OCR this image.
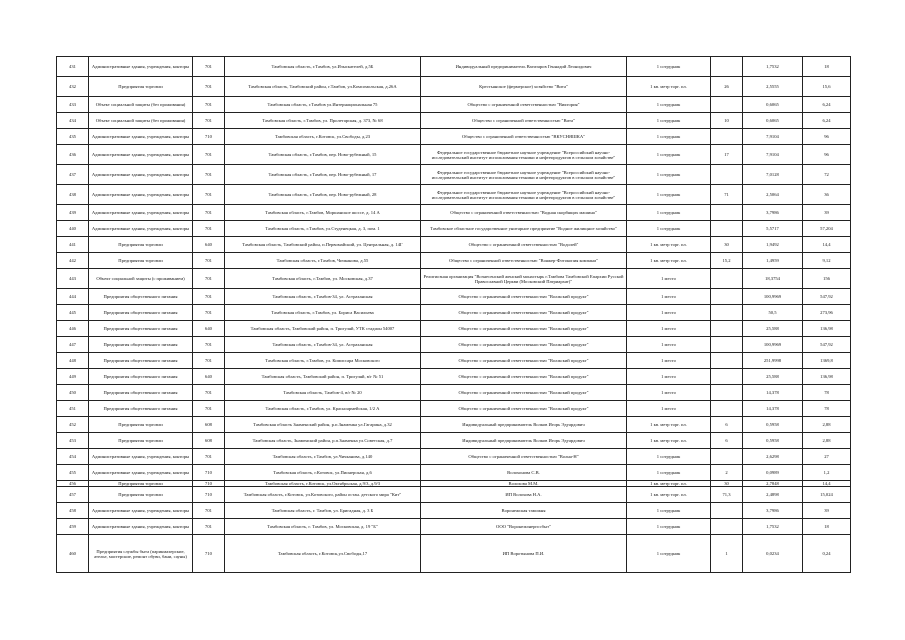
431	Административные здания, учреждения, конторы	701	Тамбовская область, г.Тамбов, ул.Изыскателей, д.5Б	Индивидуальный предприниматель Вагизаров Геннадий Леонидович	1 сотрудник		1,7532	18
432	Предприятия торговли	701	Тамбовская область, Тамбовский район, г.Тамбов, ул.Комсомольская, д.26А	Крестьянское (фермерское) хозяйство "Вита"	1 кв. метр торг. пл.	26	2,5555	15,6
433	Объект социальной защиты (без проживания)	701	Тамбовская область, г.Тамбов ул.Интернациональная 75	Общество с ограниченной ответственностью "Виктория"	1 сотрудник		0,6065	6,24
434	Объект социальной защиты (без проживания)	701	Тамбовская область, г.Тамбов, ул. Пролетарская, д. 373, № 68	Общество с ограниченной ответственностью "Вита"	1 сотрудник	10	0,6065	6,24
435	Административные здания, учреждения, конторы	710	Тамбовская область, г.Котовск, ул.Свободы, д.23	Общество с ограниченной ответственностью "ВКУСНЯШКА"	1 сотрудник		7,9104	96
436	Административные здания, учреждения, конторы	701	Тамбовская область, г.Тамбов, пер. Ново-рубежный, 15	Федеральное государственное бюджетное научное учреждение "Всероссийский научно-исследовательский институт использования техники и нефтепродуктов в сельском хозяйстве"	1 сотрудник	17	7,9104	96
437	Административные здания, учреждения, конторы	701	Тамбовская область, г.Тамбов, пер. Ново-рубежный, 17	Федеральное государственное бюджетное научное учреждение "Всероссийский научно-исследовательский институт использования техники и нефтепродуктов в сельском хозяйстве"	1 сотрудник		7,0128	72
438	Административные здания, учреждения, конторы	701	Тамбовская область, г.Тамбов, пер. Ново-рубежный, 28	Федеральное государственное бюджетное научное учреждение "Всероссийский научно-исследовательский институт использования техники и нефтепродуктов в сельском хозяйстве"	1 сотрудник	71	2,5064	36
439	Административные здания, учреждения, конторы	701	Тамбовская область, г.Тамбов, Моршанское шоссе, д. 14 А	Общество с ограниченной ответственностью "Водная скорбящих машина"	1 сотрудник		3,7986	39
440	Административные здания, учреждения, конторы	701	Тамбовская область, г.Тамбов, ул.Студенецкая, д. 3, пом. 1	Тамбовское областное государственное унитарное предприятие "Водное жилищное хозяйство"	1 сотрудник		5,5717	57,204
441	Предприятия торговли	640	Тамбовская область, Тамбовский район, п.Первомайский, ул. Центральная, д. 14Г	Общество с ограниченной ответственностью "Водолей"	1 кв. метр торг. пл.	30	1,9492	14,4
442	Предприятия торговли	701	Тамбовская область, г.Тамбов, Чичканова, д.55	Общество с ограниченной ответственностью "Вояжер-Фотокопия компани"	1 кв. метр торг. пл.	15,2	1,4959	9,12
443	Объект социальной защиты (с проживанием)	701	Тамбовская область, г.Тамбов, ул. Московская, д.37	Религиозная организация "Вознесенский женский монастырь г.Тамбова Тамбовской Епархии Русской Православной Церкви (Московский Патриархат)"	1 место		18,3754	156
444	Предприятия общественного питания	701	Тамбовская область, г.Тамбов-34, ул. Астраханская	Общество с ограниченной ответственностью "Волжский продукт"	1 место		100,9969	547,92
445	Предприятия общественного питания	701	Тамбовская область, г.Тамбов, ул. Бориса Васильева	Общество с ограниченной ответственностью "Волжский продукт"	1 место		50,5	273,96
446	Предприятия общественного питания	640	Тамбовская область, Тамбовский район, п. Тригуляй, УТК стадион 54007	Общество с ограниченной ответственностью "Волжский продукт"	1 место		25,588	136,98
447	Предприятия общественного питания	701	Тамбовская область, г.Тамбов-34, ул. Астраханская	Общество с ограниченной ответственностью "Волжский продукт"	1 место		100,9969	547,92
448	Предприятия общественного питания	701	Тамбовская область, г.Тамбов, ул. Комиссара Московского	Общество с ограниченной ответственностью "Волжский продукт"	1 место		251,9998	1369,8
449	Предприятия общественного питания	640	Тамбовская область, Тамбовский район, п. Тригуляй, в/г № 51	Общество с ограниченной ответственностью "Волжский продукт"	1 место		25,588	136,98
450	Предприятия общественного питания	701	Тамбовская область, Тамбов-4, в/г № 20	Общество с ограниченной ответственностью "Волжский продукт"	1 место		14,378	78
451	Предприятия общественного питания	701	Тамбовская область, г.Тамбов, ул. Красноармейская, 1/2 А	Общество с ограниченной ответственностью "Волжский продукт"	1 место		14,378	78
452	Предприятия торговли	608	Тамбовская область Знаменский район, р.п.Знаменка ул.Гагарина, д.32	Индивидуальный предприниматель Волков Игорь Эдуардович	1 кв. метр торг. пл.	6	0,5958	2,88
453	Предприятия торговли	608	Тамбовская область, Знаменский район, р.п.Знаменка ул.Советская, д.7	Индивидуальный предприниматель Волков Игорь Эдуардович	1 кв. метр торг. пл.	6	0,5958	2,88
454	Административные здания, учреждения, конторы	701	Тамбовская область, г.Тамбов, ул.Чичканова, д.140	Общество с ограниченной ответственностью "Волна-Н"	1 сотрудник		2,6298	27
455	Административные здания, учреждения, конторы	710	Тамбовская область, г.Котовск, ул.Пионерская, д.6	Волохонова С.В.	1 сотрудник	2	0,0989	1,2
456	Предприятия торговли	710	Тамбовская область, г.Котовск, ул.Октябрьская, д.9/3, д.9/3	Волохова М.М.	1 кв. метр торг. пл.	30	2,7848	14,4
457	Предприятия торговли	710	Тамбовская область, г.Котовск, ул.Котовского, район остан. детского мира "Кит"	ИП Волохова Н.А.	1 кв. метр торг. пл.	71,3	2,4898	15,024
458	Административные здания, учреждения, конторы	701	Тамбовская область, г. Тамбов, ул. Бригадная, д. 3 Б	Воронежская таможня	1 сотрудник		3,7986	39
459	Административные здания, учреждения, конторы	701	Тамбовская область, г. Тамбов, ул. Московская, д. 19 "Б"	ООО "Воронежэнергосбыт"	1 сотрудник		1,7532	18
460	Предприятия службы быта (парикмахерские, ателье, мастерские, ремонт обуви, бани, сауны)	710	Тамбовская область, г.Котовск,ул.Свободы,17	ИП Воротынова П.И.	1 сотрудник	1	0,0234	0,24
